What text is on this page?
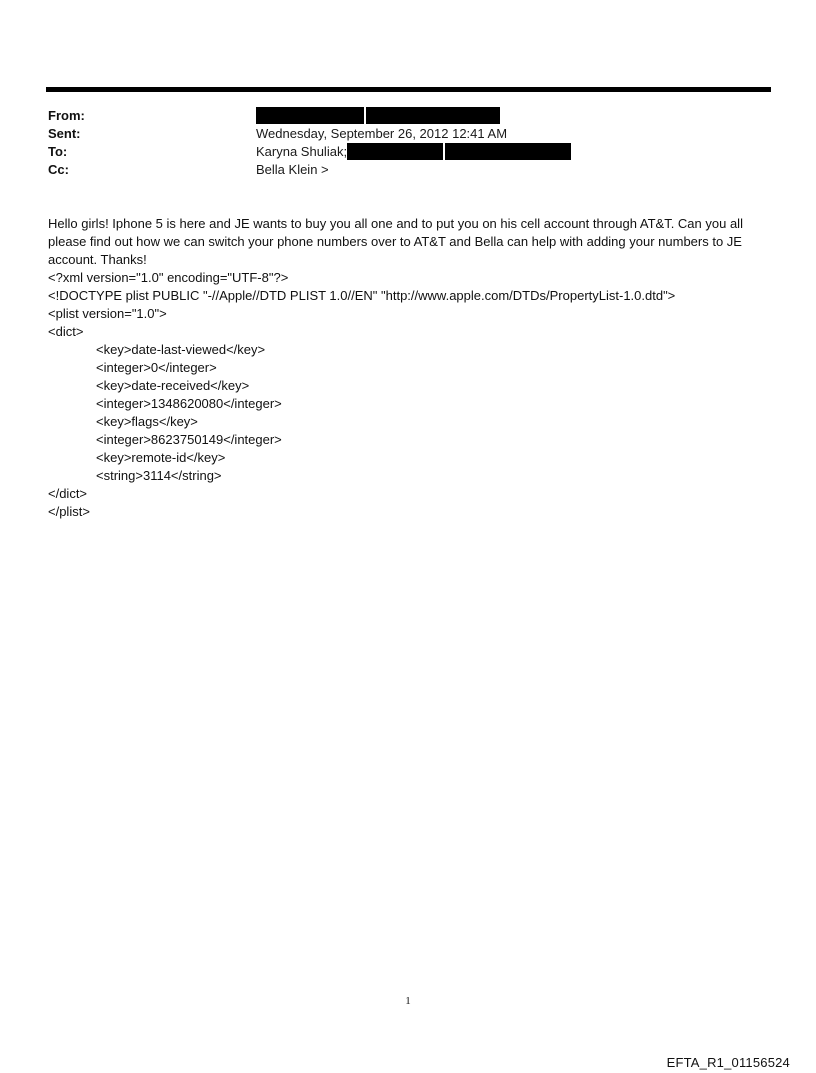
From:
Sent:	Wednesday, September 26, 2012 12:41 AM
To:	Karyna Shuliak;
Cc:	Bella Klein >

Hello girls! Iphone 5 is here and JE wants to buy you all one and to put you on his cell account through AT&T. Can you all please find out how we can switch your phone numbers over to AT&T and Bella can help with adding your numbers to JE account. Thanks!

<?xml version="1.0" encoding="UTF-8"?>
<!DOCTYPE plist PUBLIC "-//Apple//DTD PLIST 1.0//EN" "http://www.apple.com/DTDs/PropertyList-1.0.dtd">
<plist version="1.0">
<dict>
<key>date-last-viewed</key>
<integer>0</integer>
<key>date-received</key>
<integer>1348620080</integer>
<key>flags</key>
<integer>8623750149</integer>
<key>remote-id</key>
<string>3114</string>
</dict>
</plist>
1
EFTA_R1_01156524
